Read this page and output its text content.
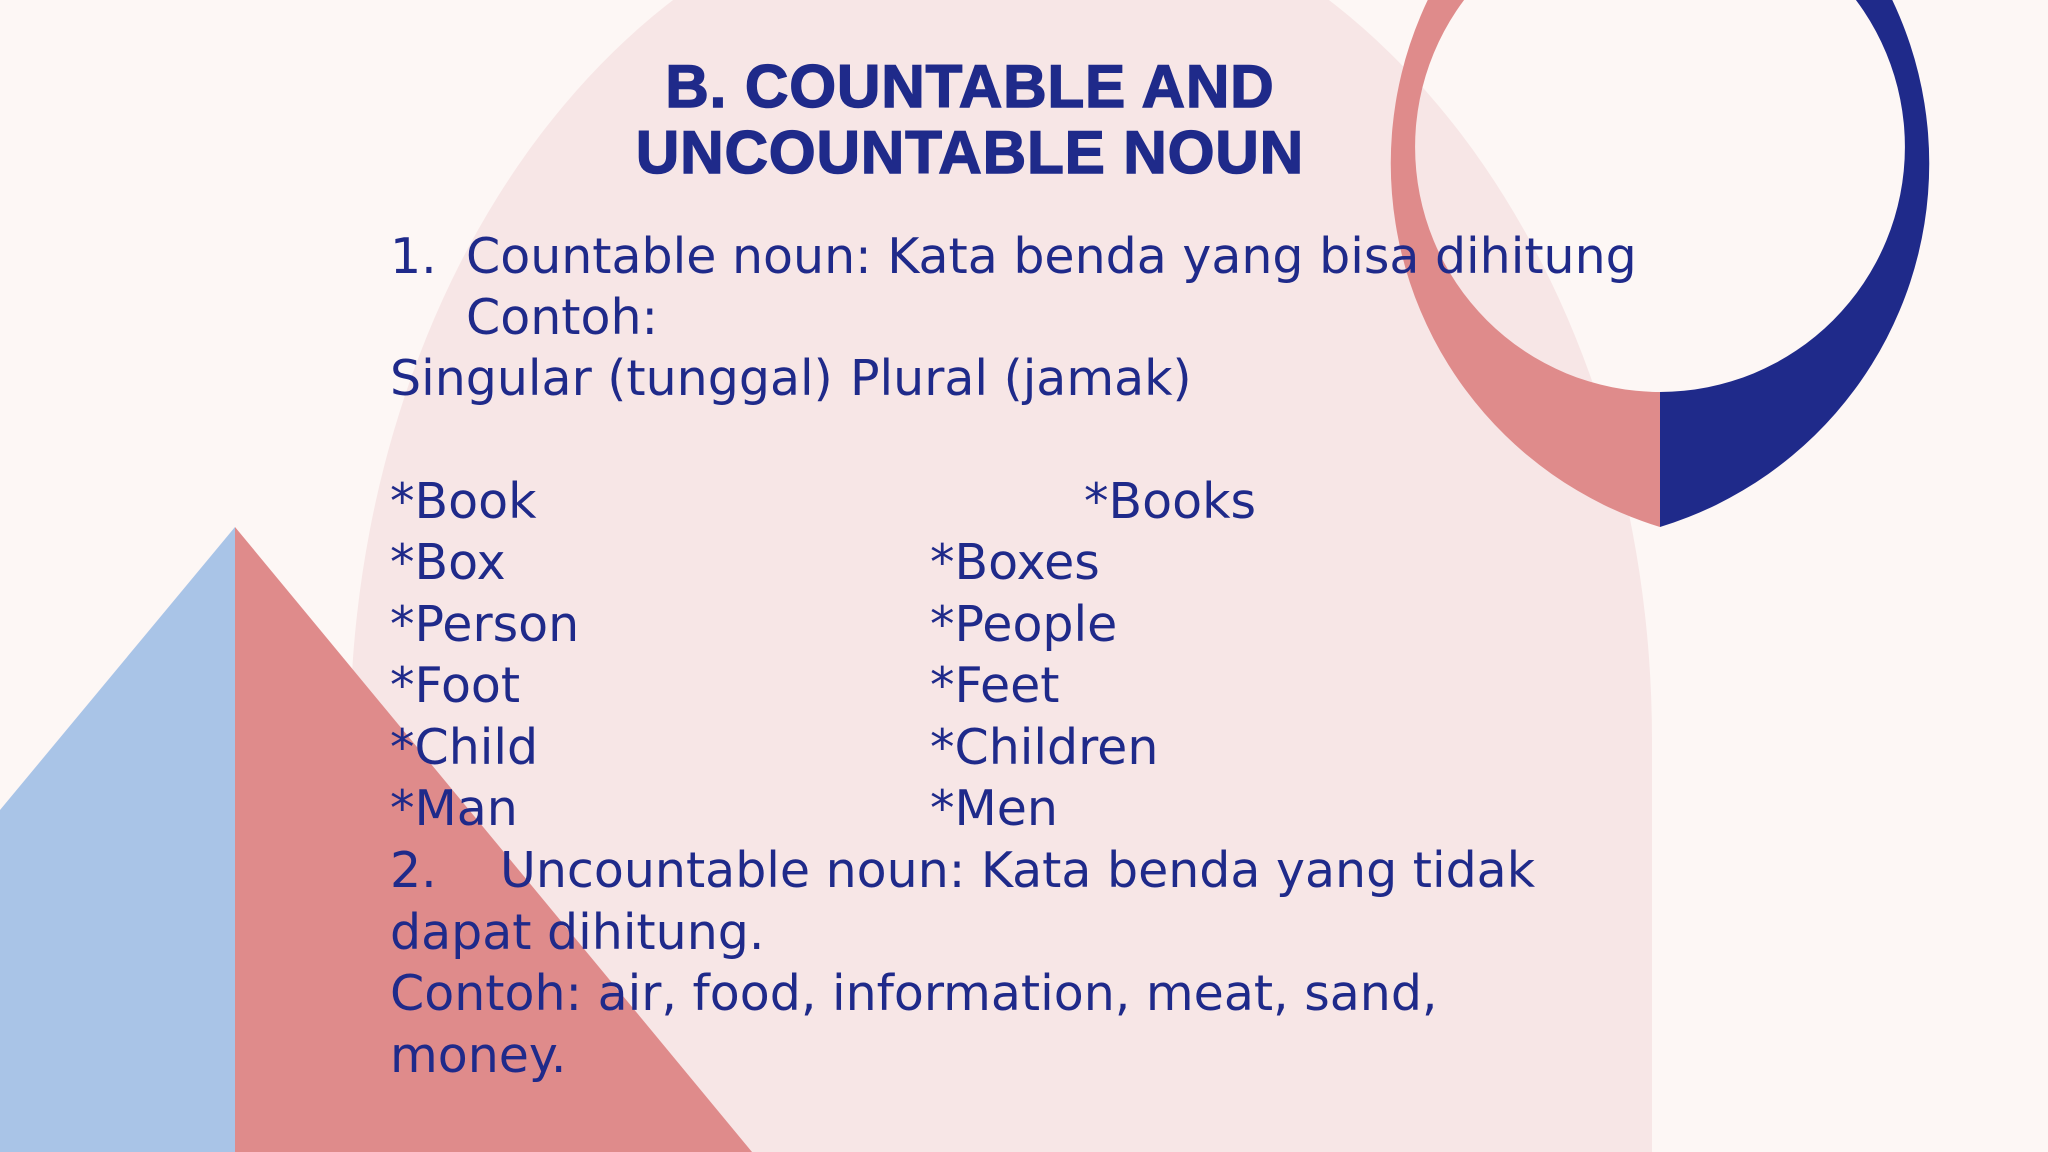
B. COUNTABLE AND
UNCOUNTABLE NOUN
1. Countable noun: Kata benda yang bisa dihitung
Contoh:
Singular (tunggal) Plural (jamak)
*Book
*Box
*Person
*Foot
*Child
*Man
*Books
*Boxes
*People
*Feet
*Children
*Men
2. Uncountable noun: Kata benda yang tidak
dapat dihitung.
Contoh: air, food, information, meat, sand,
money.
